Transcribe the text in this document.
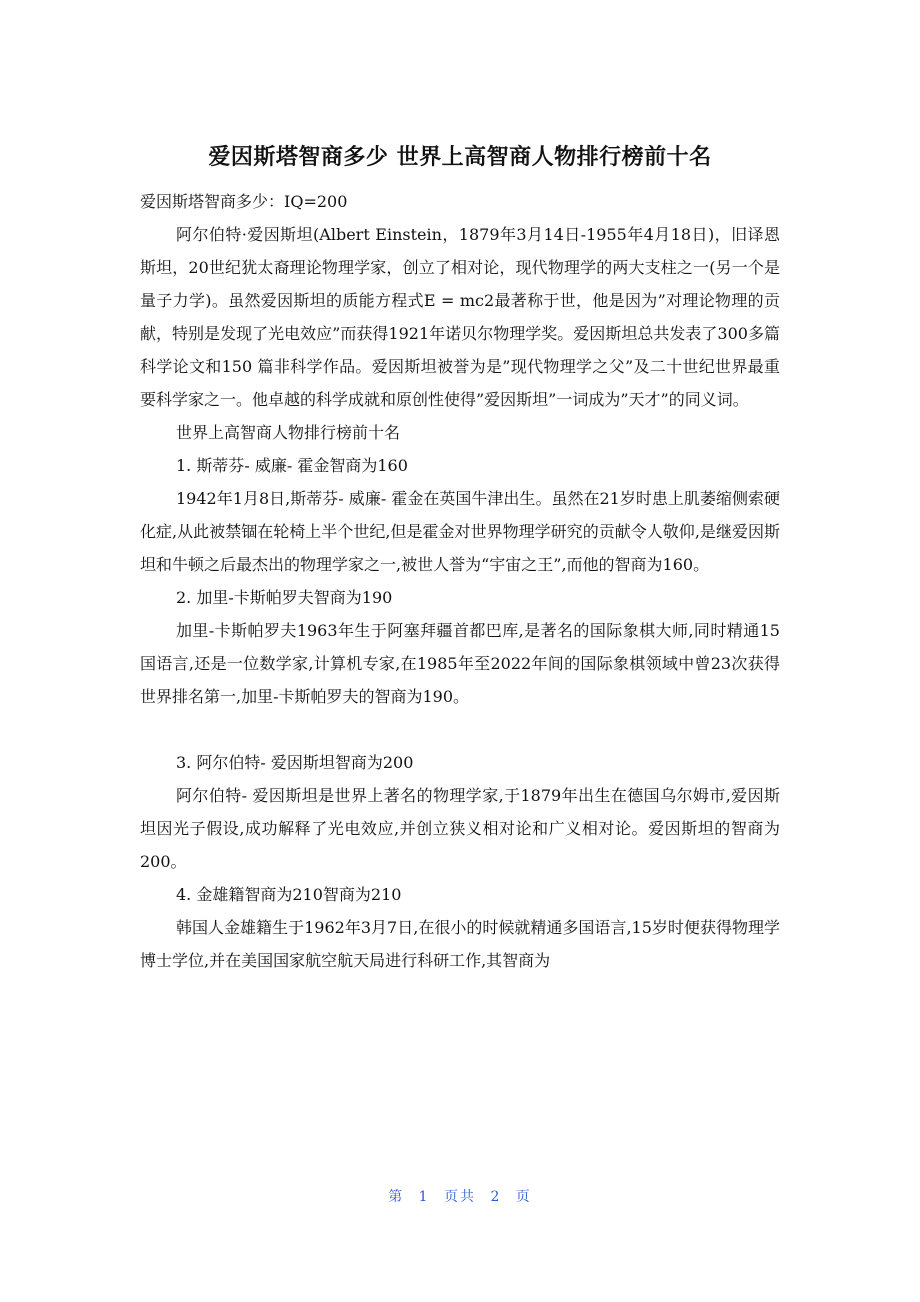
爱因斯塔智商多少 世界上高智商人物排行榜前十名

爱因斯塔智商多少：IQ=200

阿尔伯特·爱因斯坦(Albert Einstein，1879年3月14日-1955年4月18日)，旧译恩斯坦，20世纪犹太裔理论物理学家，创立了相对论，现代物理学的两大支柱之一(另一个是量子力学)。虽然爱因斯坦的质能方程式E = mc2最著称于世，他是因为”对理论物理的贡献，特别是发现了光电效应”而获得1921年诺贝尔物理学奖。爱因斯坦总共发表了300多篇科学论文和150 篇非科学作品。爱因斯坦被誉为是”现代物理学之父”及二十世纪世界最重要科学家之一。他卓越的科学成就和原创性使得”爱因斯坦”一词成为”天才”的同义词。

世界上高智商人物排行榜前十名

1. 斯蒂芬- 威廉- 霍金智商为160

1942年1月8日,斯蒂芬- 威廉- 霍金在英国牛津出生。虽然在21岁时患上肌萎缩侧索硬化症,从此被禁锢在轮椅上半个世纪,但是霍金对世界物理学研究的贡献令人敬仰,是继爱因斯坦和牛顿之后最杰出的物理学家之一,被世人誉为“宇宙之王”,而他的智商为160。

2. 加里-卡斯帕罗夫智商为190

加里-卡斯帕罗夫1963年生于阿塞拜疆首都巴库,是著名的国际象棋大师,同时精通15国语言,还是一位数学家,计算机专家,在1985年至2022年间的国际象棋领域中曾23次获得世界排名第一,加里-卡斯帕罗夫的智商为190。

3. 阿尔伯特- 爱因斯坦智商为200

阿尔伯特- 爱因斯坦是世界上著名的物理学家,于1879年出生在德国乌尔姆市,爱因斯坦因光子假设,成功解释了光电效应,并创立狭义相对论和广义相对论。爱因斯坦的智商为200。

4. 金雄籍智商为210智商为210

韩国人金雄籍生于1962年3月7日,在很小的时候就精通多国语言,15岁时便获得物理学博士学位,并在美国国家航空航天局进行科研工作,其智商为

第 1 页共 2 页
